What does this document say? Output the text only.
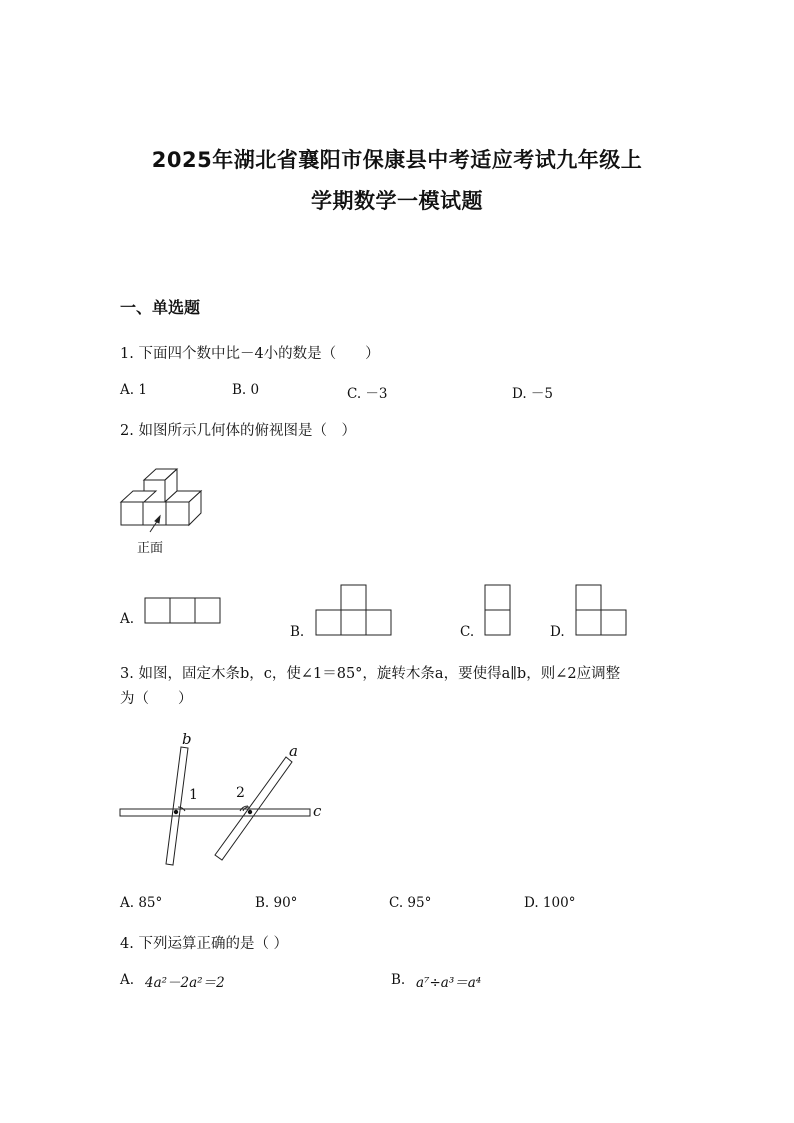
2025年湖北省襄阳市保康县中考适应考试九年级上
学期数学一模试题
一、单选题
1. 下面四个数中比－4小的数是（　　）
A. 1	B. 0	C. －3	D. －5
2. 如图所示几何体的俯视图是（　）
正面
A.
B.	C.	D.
3. 如图，固定木条b，c，使∠1＝85°，旋转木条a，要使得a∥b，则∠2应调整
为（　　）
b
a
c
1	2
A. 85°	B. 90°	C. 95°	D. 100°
4. 下列运算正确的是（ ）
A. 4a²－2a²＝2	B. a⁷÷a³＝a⁴
